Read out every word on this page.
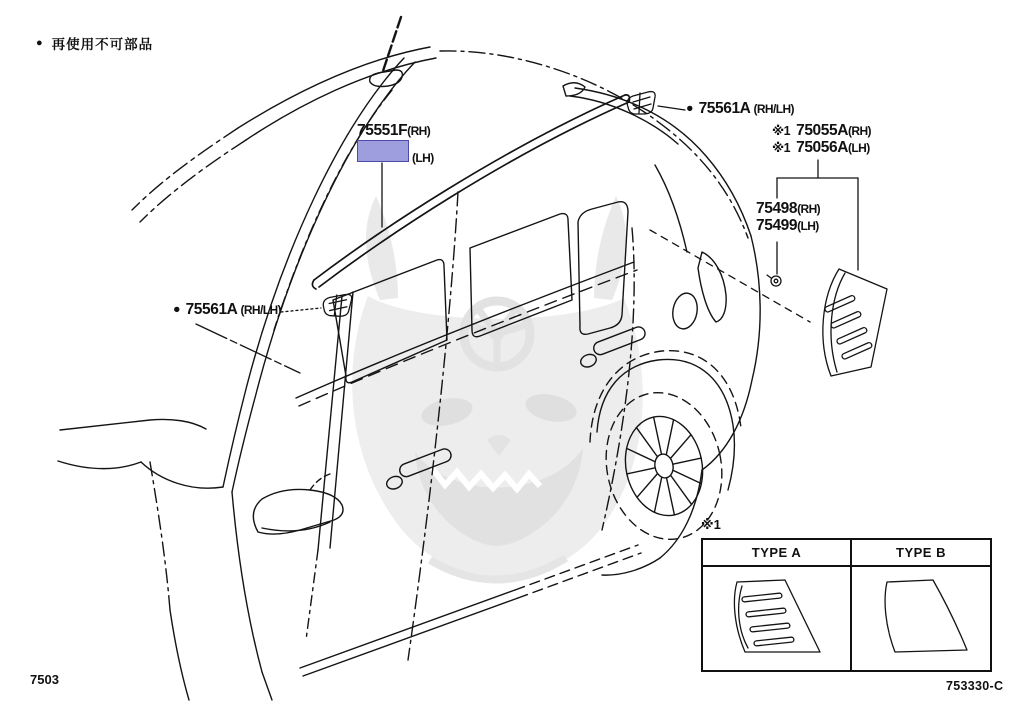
● 再使用不可部品
75551F (RH)
(LH)
● 75561A (RH/LH)
● 75561A (RH/LH)
※1 75055A (RH)
※1 75056A (LH)
75498 (RH)
75499 (LH)
※1
TYPE A	TYPE B
7503	753330-C
